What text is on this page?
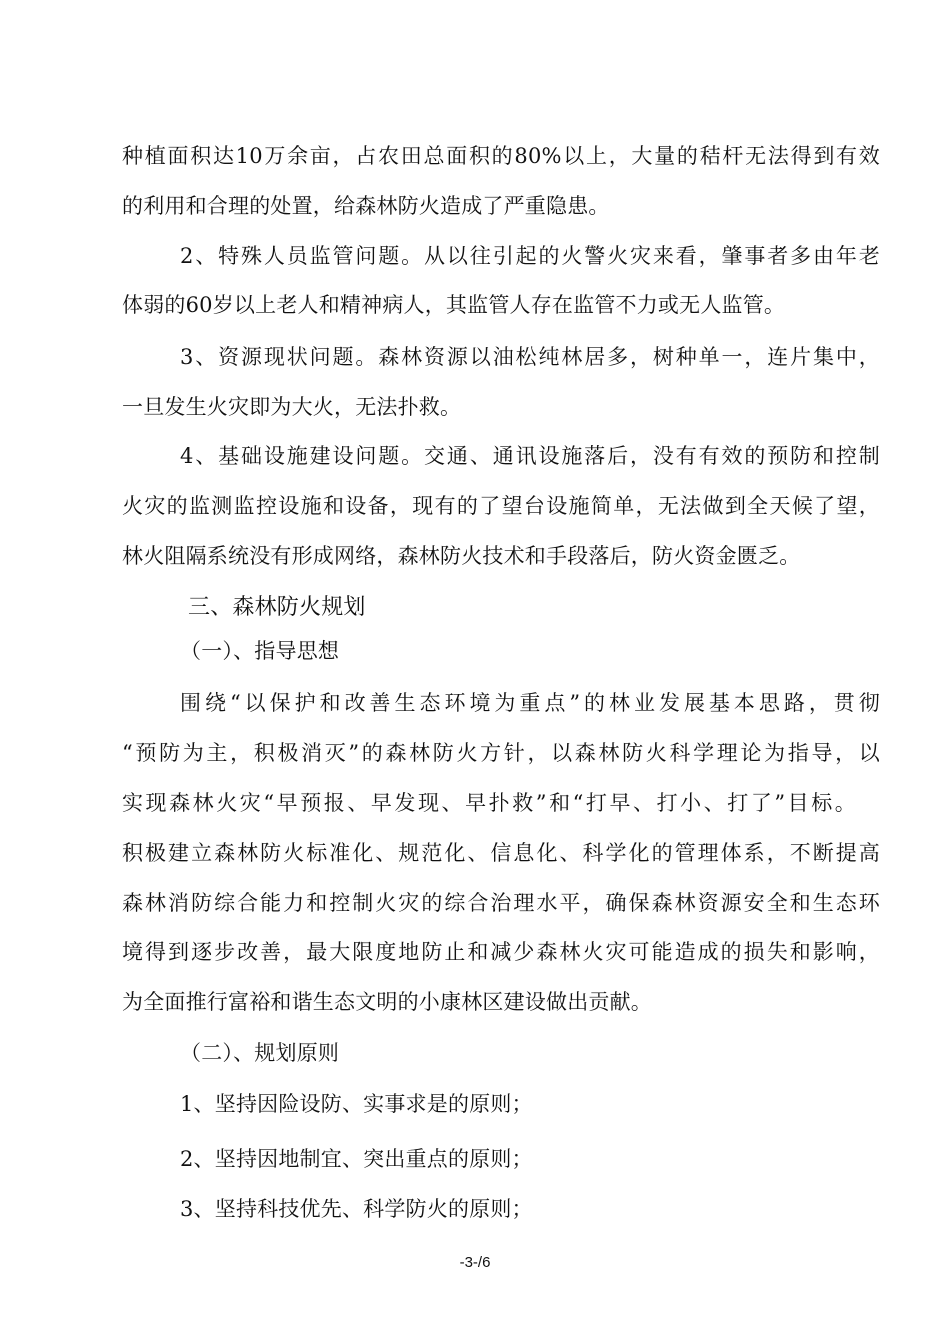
种植面积达10万余亩，占农田总面积的80%以上，大量的秸杆无法得到有效
的利用和合理的处置，给森林防火造成了严重隐患。
2、特殊人员监管问题。从以往引起的火警火灾来看，肇事者多由年老
体弱的60岁以上老人和精神病人，其监管人存在监管不力或无人监管。
3、资源现状问题。森林资源以油松纯林居多，树种单一，连片集中，
一旦发生火灾即为大火，无法扑救。
4、基础设施建设问题。交通、通讯设施落后，没有有效的预防和控制
火灾的监测监控设施和设备，现有的了望台设施简单，无法做到全天候了望，
林火阻隔系统没有形成网络，森林防火技术和手段落后，防火资金匮乏。
三、森林防火规划
（一）、指导思想
围绕“以保护和改善生态环境为重点”的林业发展基本思路，贯彻
“预防为主，积极消灭”的森林防火方针，以森林防火科学理论为指导，以
实现森林火灾“早预报、早发现、早扑救”和“打早、打小、打了”目标。
积极建立森林防火标准化、规范化、信息化、科学化的管理体系，不断提高
森林消防综合能力和控制火灾的综合治理水平，确保森林资源安全和生态环
境得到逐步改善，最大限度地防止和减少森林火灾可能造成的损失和影响，
为全面推行富裕和谐生态文明的小康林区建设做出贡献。
（二）、规划原则
1、坚持因险设防、实事求是的原则；
2、坚持因地制宜、突出重点的原则；
3、坚持科技优先、科学防火的原则；
-3-/6
